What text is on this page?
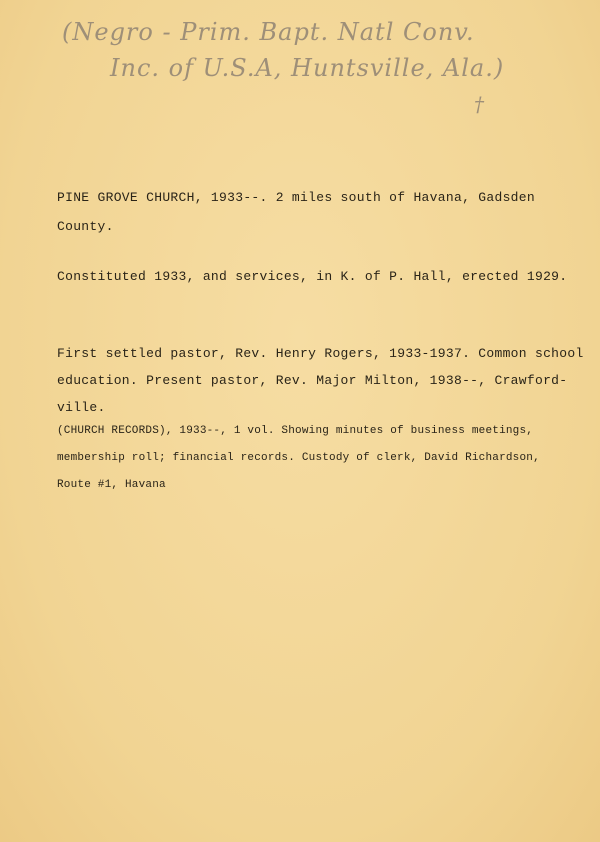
(Negro - Prim. Bapt. Natl Conv.
Inc. of U.S.A, Huntsville, Ala.)
†
PINE GROVE CHURCH, 1933--. 2 miles south of Havana, Gadsden
County.
Constituted 1933, and services, in K. of P. Hall, erected 1929.
First settled pastor, Rev. Henry Rogers, 1933-1937. Common school
education. Present pastor, Rev. Major Milton, 1938--, Crawford-
ville.
(CHURCH RECORDS), 1933--, 1 vol. Showing minutes of business meetings,
membership roll; financial records. Custody of clerk, David Richardson,
Route #1, Havana
